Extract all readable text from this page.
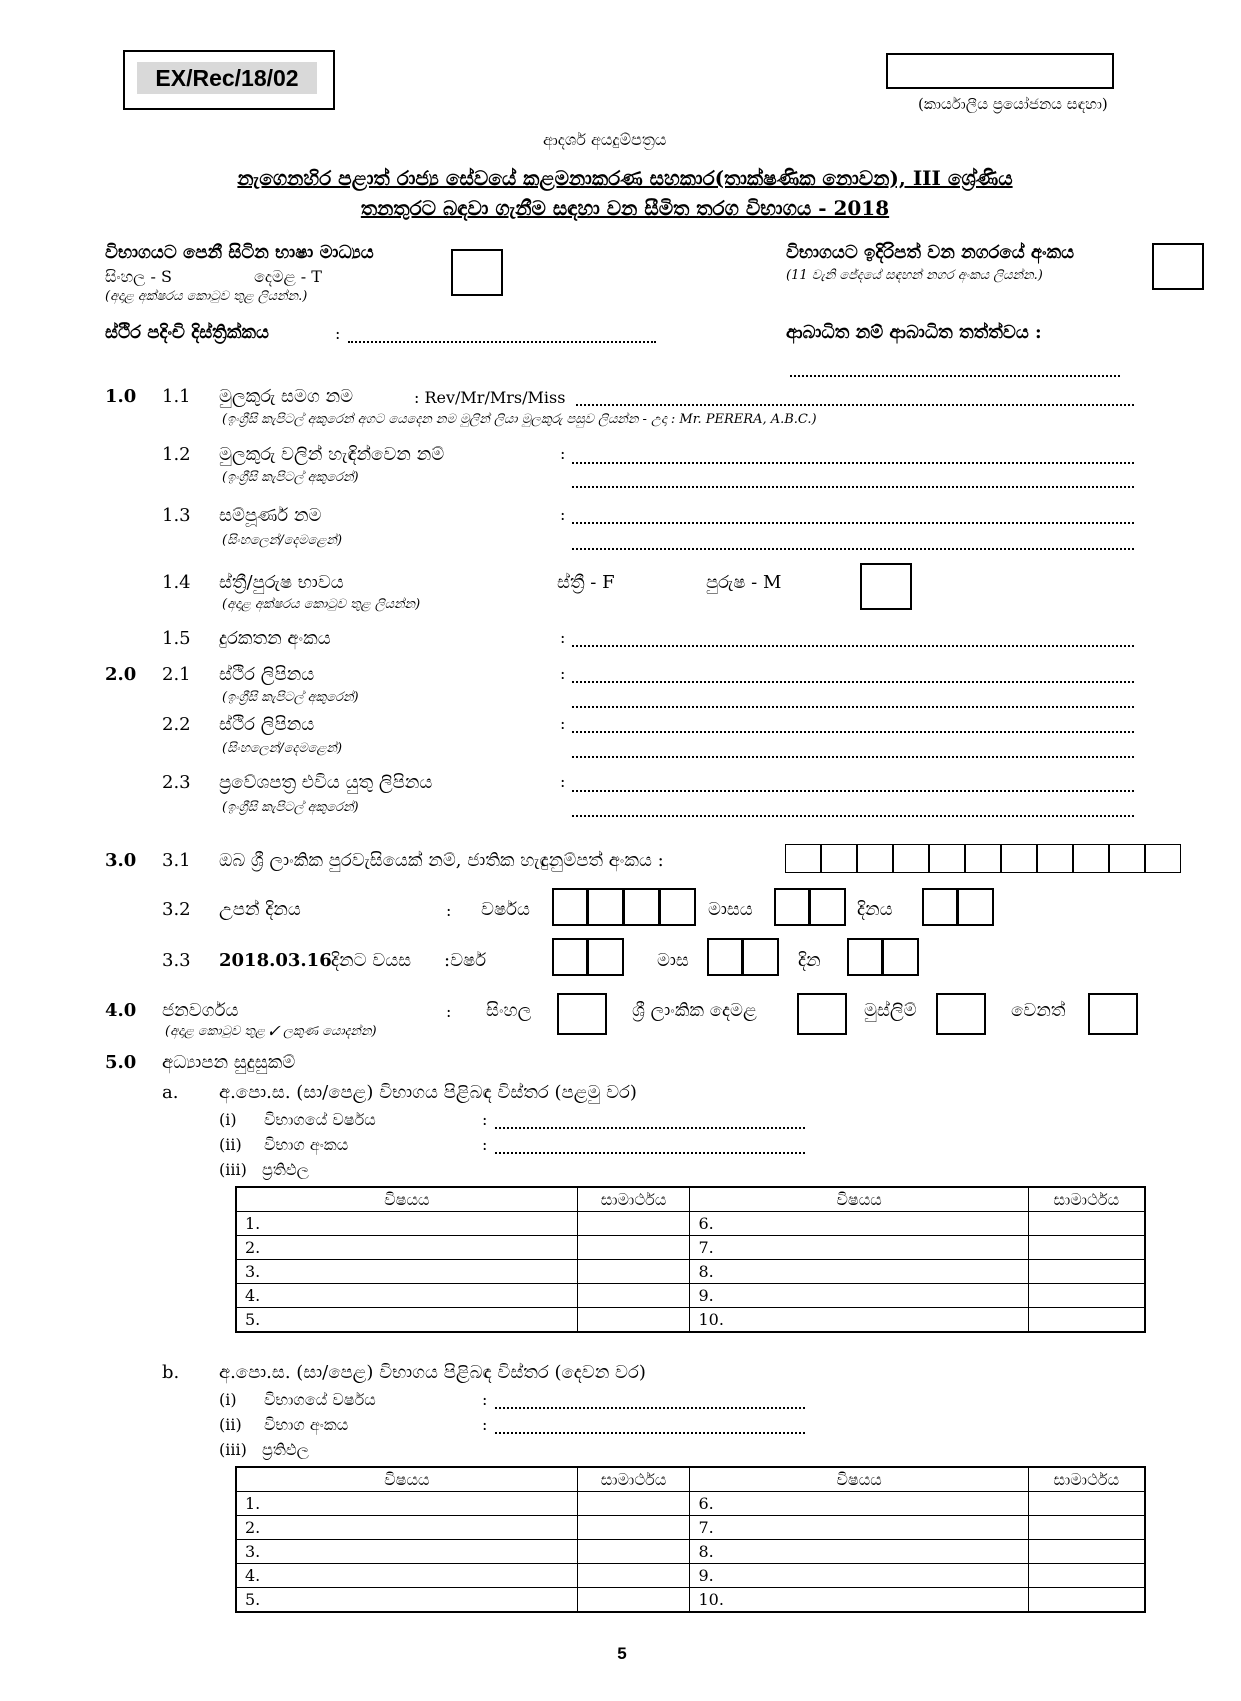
EX/Rec/18/02
(කාර්යාලීය ප්‍රයෝජනය සඳහා)
ආදර්ශ අයදුම්පත්‍රය
නැගෙනහිර පළාත් රාජ්‍ය සේවයේ කළමනාකරණ සහකාර(තාක්ෂණික නොවන), III ශ්‍රේණිය
තනතුරට බඳවා ගැනීම සඳහා වන සීමිත තරග විභාගය - 2018
විභාගයට පෙනී සිටින භාෂා මාධ්‍යය
සිංහල - S	දෙමළ - T
(අදාළ අක්ෂරය කොටුව තුළ ලියන්න.)
විභාගයට ඉදිරිපත් වන නගරයේ අංකය
(11 වැනි ජේදයේ සඳහන් නගර අංකය ලියන්න.)
ස්ථිර පදිංචි දිස්ත්‍රික්කය	:	ආබාධිත නම් ආබාධිත තත්ත්වය :
1.0 1.1 මුලකුරු සමග නම	: Rev/Mr/Mrs/Miss
(ඉංග්‍රීසි කැපිටල් අකුරෙන් අගට යෙදෙන නම මුලින් ලියා මුලකුරු පසුව ලියන්න - උදා : Mr. PERERA, A.B.C.)
1.2 මුලකුරු වලින් හැඳින්වෙන නම්
(ඉංග්‍රීසි කැපිටල් අකුරෙන්)
:
1.3 සම්පූර්ණ නම
(සිංහලෙන්/දෙමළෙන්)
:
1.4 ස්ත්‍රී/පුරුෂ භාවය
(අදාළ අක්ෂරය කොටුව තුළ ලියන්න)
ස්ත්‍රී - F	පුරුෂ - M
1.5 දුරකතන අංකය	:
2.0 2.1 ස්ථිර ලිපිනය
(ඉංග්‍රීසි කැපිටල් අකුරෙන්)
:
2.2 ස්ථිර ලිපිනය
(සිංහලෙන්/දෙමළෙන්)
:
2.3 ප්‍රවේශපත්‍ර එවිය යුතු ලිපිනය
(ඉංග්‍රීසි කැපිටල් අකුරෙන්)
:
3.0 3.1 ඔබ ශ්‍රී ලාංකික පුරවැසියෙක් නම්, ජාතික හැඳුනුම්පත් අංකය :
3.2 උපන් දිනය	: වර්ෂය	මාසය	දිනය
3.3 2018.03.16 දිනට වයස :වර්ෂ	මාස	දින
4.0 ජනවර්ගය
(අදාළ කොටුව තුළ ✓ ලකුණ යොදන්න)
: සිංහල	ශ්‍රී ලාංකික දෙමළ	මුස්ලිම්	වෙනත්
5.0 අධ්‍යාපන සුදුසුකම්
a. අ.පො.ස. (සා/පෙළ) විභාගය පිළිබඳ විස්තර (පළමු වර)
(i) විභාගයේ වර්ෂය	:
(ii) විභාග අංකය	:
(iii) ප්‍රතිඵල
විෂයය	සාමාර්ථය	විෂයය	සාමාර්ථය
1.		6.	
2.		7.	
3.		8.	
4.		9.	
5.		10.	
b. අ.පො.ස. (සා/පෙළ) විභාගය පිළිබඳ විස්තර (දෙවන වර)
(i) විභාගයේ වර්ෂය	:
(ii) විභාග අංකය	:
(iii) ප්‍රතිඵල
විෂයය	සාමාර්ථය	විෂයය	සාමාර්ථය
1.		6.	
2.		7.	
3.		8.	
4.		9.	
5.		10.	
5
